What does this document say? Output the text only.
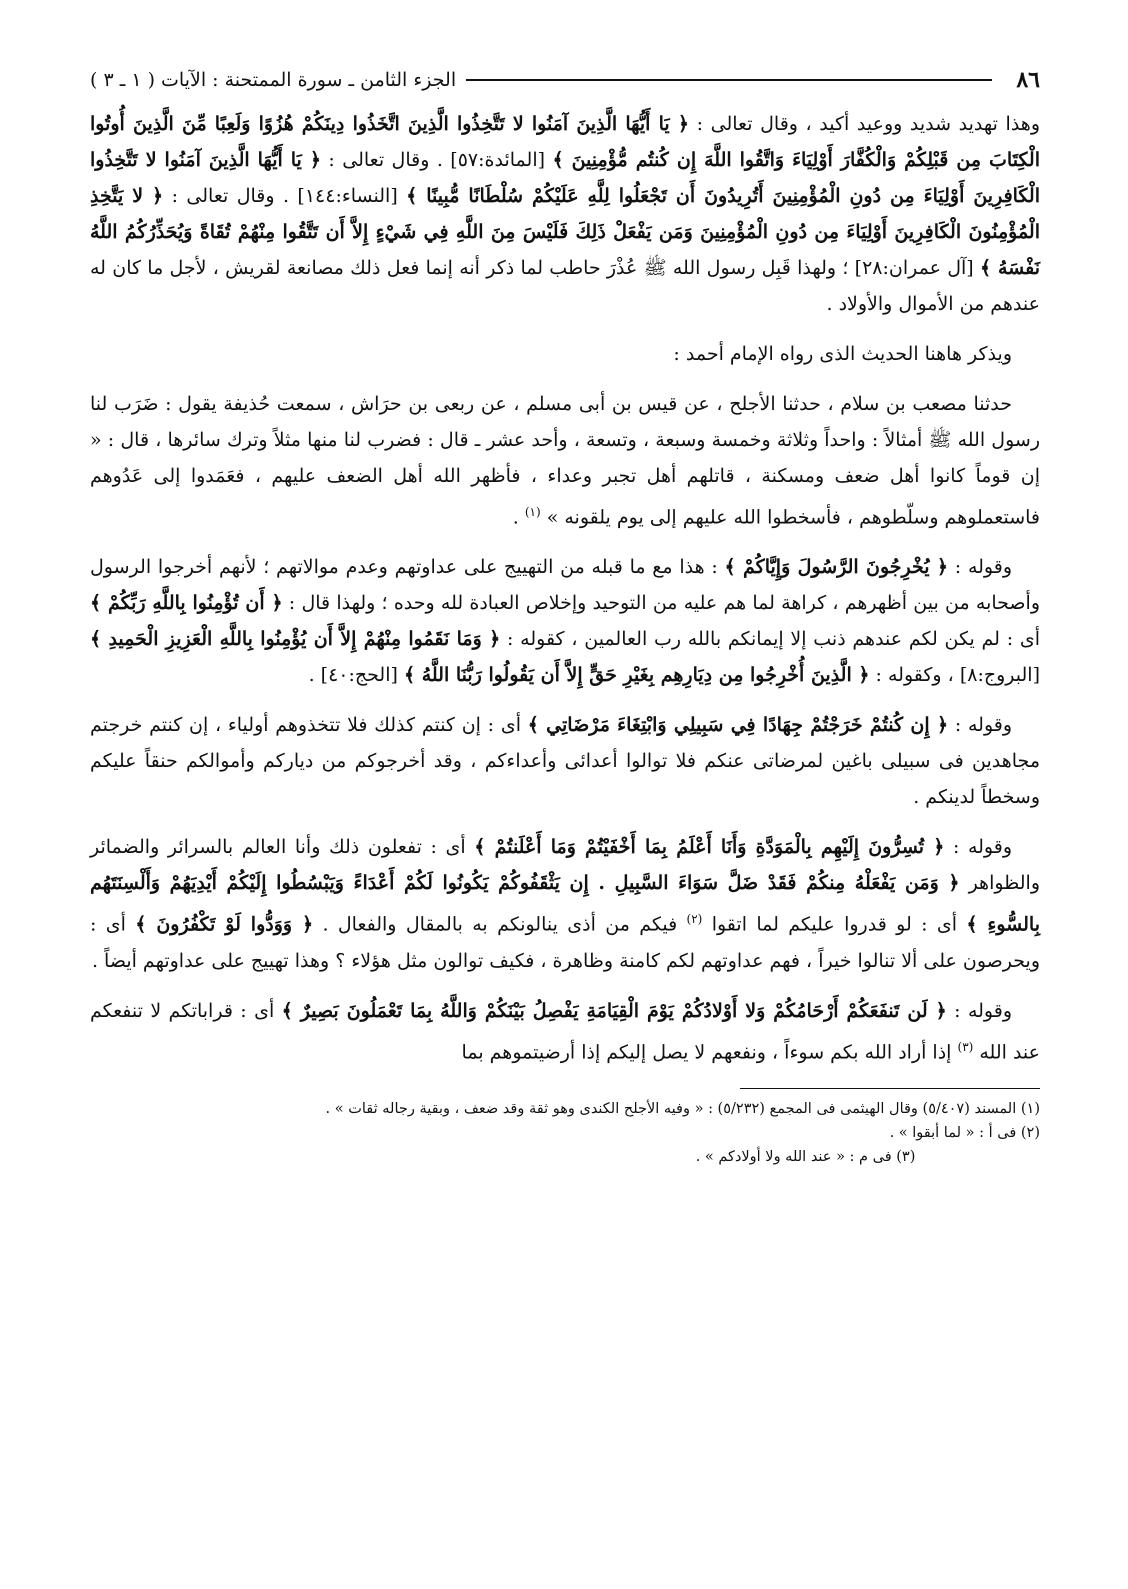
٨٦
الجزء الثامن ـ سورة الممتحنة : الآيات ( ١ ـ ٣ )

وهذا تهديد شديد ووعيد أكيد ، وقال تعالى : ﴿ يَا أَيُّهَا الَّذِينَ آمَنُوا لا تَتَّخِذُوا الَّذِينَ اتَّخَذُوا دِينَكُمْ هُزُوًا وَلَعِبًا مِّنَ الَّذِينَ أُوتُوا الْكِتَابَ مِن قَبْلِكُمْ وَالْكُفَّارَ أَوْلِيَاءَ وَاتَّقُوا اللَّهَ إِن كُنتُم مُّؤْمِنِينَ ﴾ [المائدة:٥٧] . وقال تعالى : ﴿ يَا أَيُّهَا الَّذِينَ آمَنُوا لا تَتَّخِذُوا الْكَافِرِينَ أَوْلِيَاءَ مِن دُونِ الْمُؤْمِنِينَ أَتُرِيدُونَ أَن تَجْعَلُوا لِلَّهِ عَلَيْكُمْ سُلْطَانًا مُّبِينًا ﴾ [النساء:١٤٤] . وقال تعالى : ﴿ لا يَتَّخِذِ الْمُؤْمِنُونَ الْكَافِرِينَ أَوْلِيَاءَ مِن دُونِ الْمُؤْمِنِينَ وَمَن يَفْعَلْ ذَلِكَ فَلَيْسَ مِنَ اللَّهِ فِي شَيْءٍ إِلاَّ أَن تَتَّقُوا مِنْهُمْ تُقَاةً وَيُحَذِّرُكُمُ اللَّهُ نَفْسَهُ ﴾ [آل عمران:٢٨] ؛ ولهذا قَبِل رسول الله ﷺ عُذْرَ حاطب لما ذكر أنه إنما فعل ذلك مصانعة لقريش ، لأجل ما كان له عندهم من الأموال والأولاد .

ويذكر هاهنا الحديث الذى رواه الإمام أحمد :

حدثنا مصعب بن سلام ، حدثنا الأجلح ، عن قيس بن أبى مسلم ، عن ربعى بن حرَاش ، سمعت حُذيفة يقول : ضَرَب لنا رسول الله ﷺ أمثالاً : واحداً وثلاثة وخمسة وسبعة ، وتسعة ، وأحد عشر ـ قال : فضرب لنا منها مثلاً وترك سائرها ، قال : « إن قوماً كانوا أهل ضعف ومسكنة ، قاتلهم أهل تجبر وعداء ، فأظهر الله أهل الضعف عليهم ، فعَمَدوا إلى عَدُوهم فاستعملوهم وسلّطوهم ، فأسخطوا الله عليهم إلى يوم يلقونه » $^{(١)}$ .

وقوله : ﴿ يُخْرِجُونَ الرَّسُولَ وَإِيَّاكُمْ ﴾ : هذا مع ما قبله من التهييج على عداوتهم وعدم موالاتهم ؛ لأنهم أخرجوا الرسول وأصحابه من بين أظهرهم ، كراهة لما هم عليه من التوحيد وإخلاص العبادة لله وحده ؛ ولهذا قال : ﴿ أَن تُؤْمِنُوا بِاللَّهِ رَبِّكُمْ ﴾ أى : لم يكن لكم عندهم ذنب إلا إيمانكم بالله رب العالمين ، كقوله : ﴿ وَمَا نَقَمُوا مِنْهُمْ إِلاَّ أَن يُؤْمِنُوا بِاللَّهِ الْعَزِيزِ الْحَمِيدِ ﴾ [البروج:٨] ، وكقوله : ﴿ الَّذِينَ أُخْرِجُوا مِن دِيَارِهِم بِغَيْرِ حَقٍّ إِلاَّ أَن يَقُولُوا رَبُّنَا اللَّهُ ﴾ [الحج:٤٠] .

وقوله : ﴿ إِن كُنتُمْ خَرَجْتُمْ جِهَادًا فِي سَبِيلِي وَابْتِغَاءَ مَرْضَاتِي ﴾ أى : إن كنتم كذلك فلا تتخذوهم أولياء ، إن كنتم خرجتم مجاهدين فى سبيلى باغين لمرضاتى عنكم فلا توالوا أعدائى وأعداءكم ، وقد أخرجوكم من دياركم وأموالكم حنقاً عليكم وسخطاً لدينكم .

وقوله : ﴿ تُسِرُّونَ إِلَيْهِم بِالْمَوَدَّةِ وَأَنَا أَعْلَمُ بِمَا أَخْفَيْتُمْ وَمَا أَعْلَنتُمْ ﴾ أى : تفعلون ذلك وأنا العالم بالسرائر والضمائر والظواهر ﴿ وَمَن يَفْعَلْهُ مِنكُمْ فَقَدْ ضَلَّ سَوَاءَ السَّبِيلِ . إِن يَثْقَفُوكُمْ يَكُونُوا لَكُمْ أَعْدَاءً وَيَبْسُطُوا إِلَيْكُمْ أَيْدِيَهُمْ وَأَلْسِنَتَهُم بِالسُّوءِ ﴾ أى : لو قدروا عليكم لما اتقوا $^{(٢)}$ فيكم من أذى ينالونكم به بالمقال والفعال . ﴿ وَوَدُّوا لَوْ تَكْفُرُونَ ﴾ أى : ويحرصون على ألا تنالوا خيراً ، فهم عداوتهم لكم كامنة وظاهرة ، فكيف توالون مثل هؤلاء ؟ وهذا تهييج على عداوتهم أيضاً .

وقوله : ﴿ لَن تَنفَعَكُمْ أَرْحَامُكُمْ وَلا أَوْلادُكُمْ يَوْمَ الْقِيَامَةِ يَفْصِلُ بَيْنَكُمْ وَاللَّهُ بِمَا تَعْمَلُونَ بَصِيرٌ ﴾ أى : قراباتكم لا تنفعكم عند الله $^{(٣)}$ إذا أراد الله بكم سوءاً ، ونفعهم لا يصل إليكم إذا أرضيتموهم بما

(١) المسند (٥/٤٠٧) وقال الهيثمى فى المجمع (٥/٢٣٢) : « وفيه الأجلح الكندى وهو ثقة وقد ضعف ، وبقية رجاله ثقات » .

(٢) فى أ : « لما أبقوا » .

(٣) فى م : « عند الله ولا أولادكم » .
